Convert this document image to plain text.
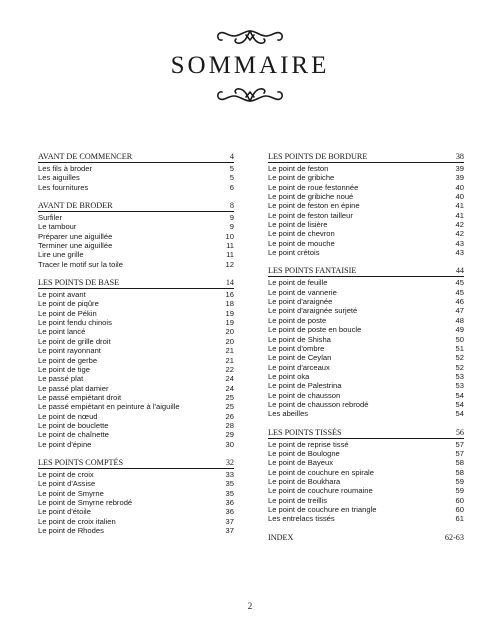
SOMMAIRE
AVANT DE COMMENCER	4
Les fils à broder	5
Les aiguilles	5
Les fournitures	6
AVANT DE BRODER	8
Surfiler	9
Le tambour	9
Préparer une aiguillée	10
Terminer une aiguillée	11
Lire une grille	11
Tracer le motif sur la toile	12
LES POINTS DE BASE	14
Le point avant	16
Le point de piqûre	18
Le point de Pékin	19
Le point fendu chinois	19
Le point lancé	20
Le point de grille droit	20
Le point rayonnant	21
Le point de gerbe	21
Le point de tige	22
Le passé plat	24
Le passé plat damier	24
Le passé empiétant droit	25
Le passé empiétant en peinture à l'aiguille	25
Le point de nœud	26
Le point de bouclette	28
Le point de chaînette	29
Le point d'épine	30
LES POINTS COMPTÉS	32
Le point de croix	33
Le point d'Assise	35
Le point de Smyrne	35
Le point de Smyrne rebrodé	36
Le point d'étoile	36
Le point de croix italien	37
Le point de Rhodes	37
LES POINTS DE BORDURE	38
Le point de feston	39
Le point de gribiche	39
Le point de roue festonnée	40
Le point de gribiche noué	40
Le point de feston en épine	41
Le point de feston tailleur	41
Le point de lisière	42
Le point de chevron	42
Le point de mouche	43
Le point crétois	43
LES POINTS FANTAISIE	44
Le point de feuille	45
Le point de vannerie	45
Le point d'araignée	46
Le point d'araignée surjeté	47
Le point de poste	48
Le point de poste en boucle	49
Le point de Shisha	50
Le point d'ombre	51
Le point de Ceylan	52
Le point d'arceaux	52
Le point oka	53
Le point de Palestrina	53
Le point de chausson	54
Le point de chausson rebrodé	54
Les abeilles	54
LES POINTS TISSÉS	56
Le point de reprise tissé	57
Le point de Boulogne	57
Le point de Bayeux	58
Le point de couchure en spirale	58
Le point de Boukhara	59
Le point de couchure roumaine	59
Le point de treillis	60
Le point de couchure en triangle	60
Les entrelacs tissés	61
INDEX	62-63
2
